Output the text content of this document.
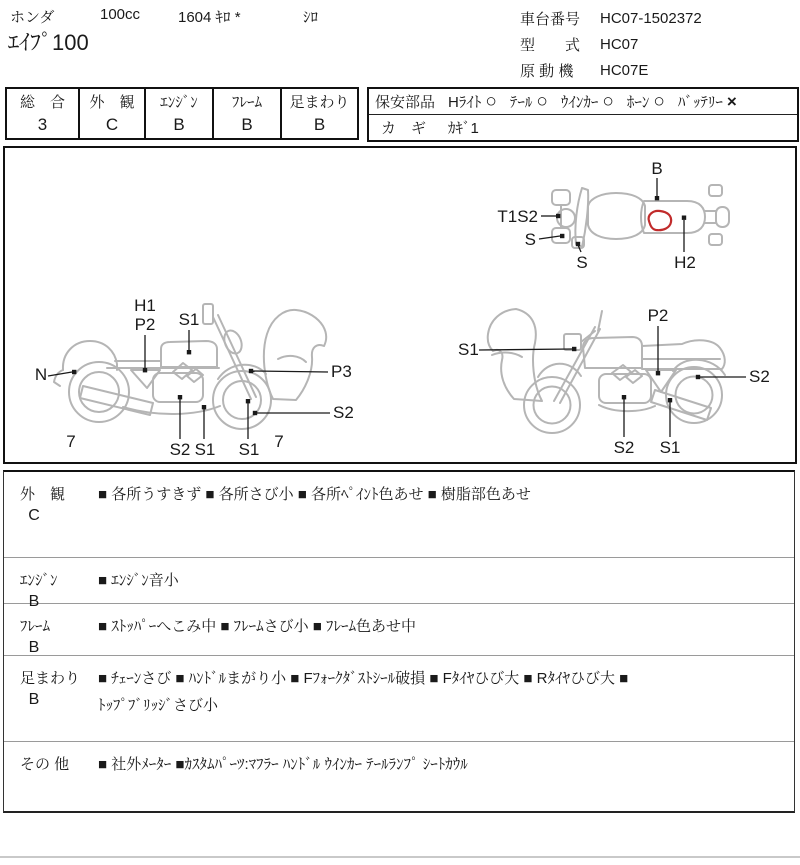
ホンダ	100cc	1604 ｷﾛ *	ｼﾛ
ｴｲﾌﾟ100
車台番号	HC07-1502372
型　　式	HC07
原 動 機	HC07E
総　合
3
外　観
C
ｴﾝｼﾞﾝ
B
ﾌﾚｰﾑ
B
足まわり
B
保安部品 Hﾗｲﾄ ○ ﾃｰﾙ ○ ｳｲﾝｶｰ ○ ﾎｰﾝ ○ ﾊﾞｯﾃﾘｰ ×
カ　ギ ｶｷﾞ1
B
T1S2
S
S	H2
H1
P2 S1
N	P3
S2
S2 S1 S1
7	7
S1
P2
S2
S2 S1
外　観
C
■ 各所うすきず ■ 各所さび小 ■ 各所ﾍﾟｲﾝﾄ色あせ ■ 樹脂部色あせ
ｴﾝｼﾞﾝ
B
■ ｴﾝｼﾞﾝ音小
ﾌﾚｰﾑ
B
■ ｽﾄｯﾊﾟｰへこみ中 ■ ﾌﾚｰﾑさび小 ■ ﾌﾚｰﾑ色あせ中
足まわり
B
■ ﾁｪｰﾝさび ■ ﾊﾝﾄﾞﾙまがり小 ■ Fﾌｫｰｸﾀﾞｽﾄｼｰﾙ破損 ■ Fﾀｲﾔひび大 ■ Rﾀｲﾔひび大 ■
ﾄｯﾌﾟﾌﾞﾘｯｼﾞさび小
その 他	■ 社外ﾒｰﾀｰ ■ｶｽﾀﾑﾊﾟｰﾂ:ﾏﾌﾗｰ ﾊﾝﾄﾞﾙ ｳｲﾝｶｰ ﾃｰﾙﾗﾝﾌﾟ ｼｰﾄｶｳﾙ
